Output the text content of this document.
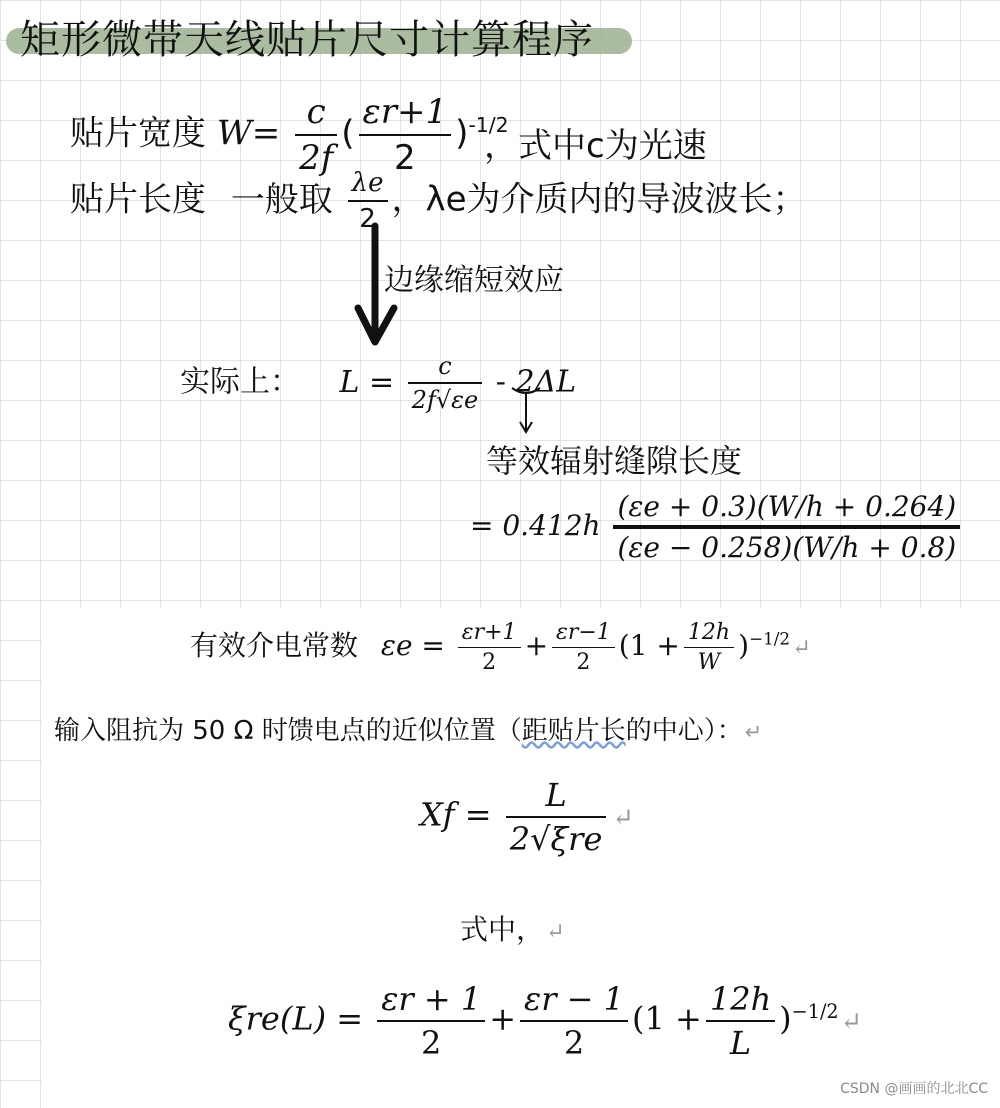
矩形微带天线贴片尺寸计算程序
贴片宽度 $W= \frac{c}{2f}$ ( $\frac{\varepsilon r+1}{2} )^{-1/2}$
，式中c为光速
贴片长度 一般取 $\frac{\lambda e}{2}$ ，λe为介质内的导波波长；
边缘缩短效应
实际上： $L = \frac{c}{2f√\varepsilon e} - 2\Delta L$
等效辐射缝隙长度
= $0.412h \frac{(\varepsilon e + 0.3)(W/h + 0.264)}{(\varepsilon e - 0.258)(W/h + 0.8)}$
有效介电常数 $\varepsilon e = \frac{\varepsilon r+1}{2} + \frac{\varepsilon r-1}{2} (1 + \frac{12h}{W}$ )$^{-1/2}↵$
输入阻抗为 50 Ω 时馈电点的近似位置（距贴片长的中心）：↵
$Xf = \frac{L}{\text{2√ξre}}$ ↵
式中，↵
$\xi re(L) = \frac{\varepsilon r + 1}{2} + \frac{\varepsilon r - 1}{2} (1 + \frac{12h}{L}$ )$^{-1/2}↵$
CSDN @画画的北北CC
